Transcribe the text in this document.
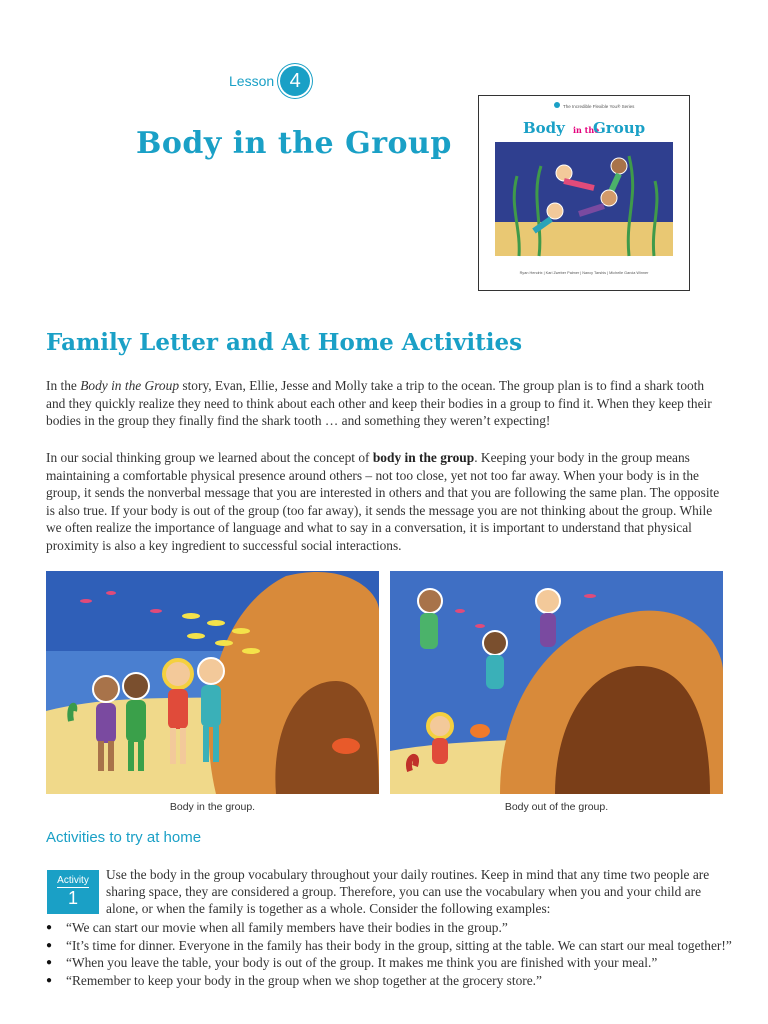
Lesson 4
Body in the Group
The Incredible Flexible You® Series
Body in the
Group
Ryan Hendrix | Kari Zweber Palmer | Nancy Tarshis | Michelle Garcia Winner
Family Letter and At Home Activities
In the Body in the Group story, Evan, Ellie, Jesse and Molly take a trip to the ocean. The group plan is to find a shark tooth and they quickly realize they need to think about each other and keep their bodies in a group to find it. When they keep their bodies in the group they finally find the shark tooth … and something they weren’t expecting!
In our social thinking group we learned about the concept of body in the group. Keeping your body in the group means maintaining a comfortable physical presence around others – not too close, yet not too far away. When your body is in the group, it sends the nonverbal message that you are interested in others and that you are following the same plan. The opposite is also true. If your body is out of the group (too far away), it sends the message you are not thinking about the group. While we often realize the importance of language and what to say in a conversation, it is important to understand that physical proximity is also a key ingredient to successful social interactions.
Body in the group.	Body out of the group.
Activities to try at home
Activity
1
Use the body in the group vocabulary throughout your daily routines. Keep in mind that any time two people are sharing space, they are considered a group. Therefore, you can use the vocabulary when you and your child are alone, or when the family is together as a whole. Consider the following examples:
● “We can start our movie when all family members have their bodies in the group.”
● “It’s time for dinner. Everyone in the family has their body in the group, sitting at the table. We can start our meal together!”
● “When you leave the table, your body is out of the group. It makes me think you are finished with your meal.”
● “Remember to keep your body in the group when we shop together at the grocery store.”
